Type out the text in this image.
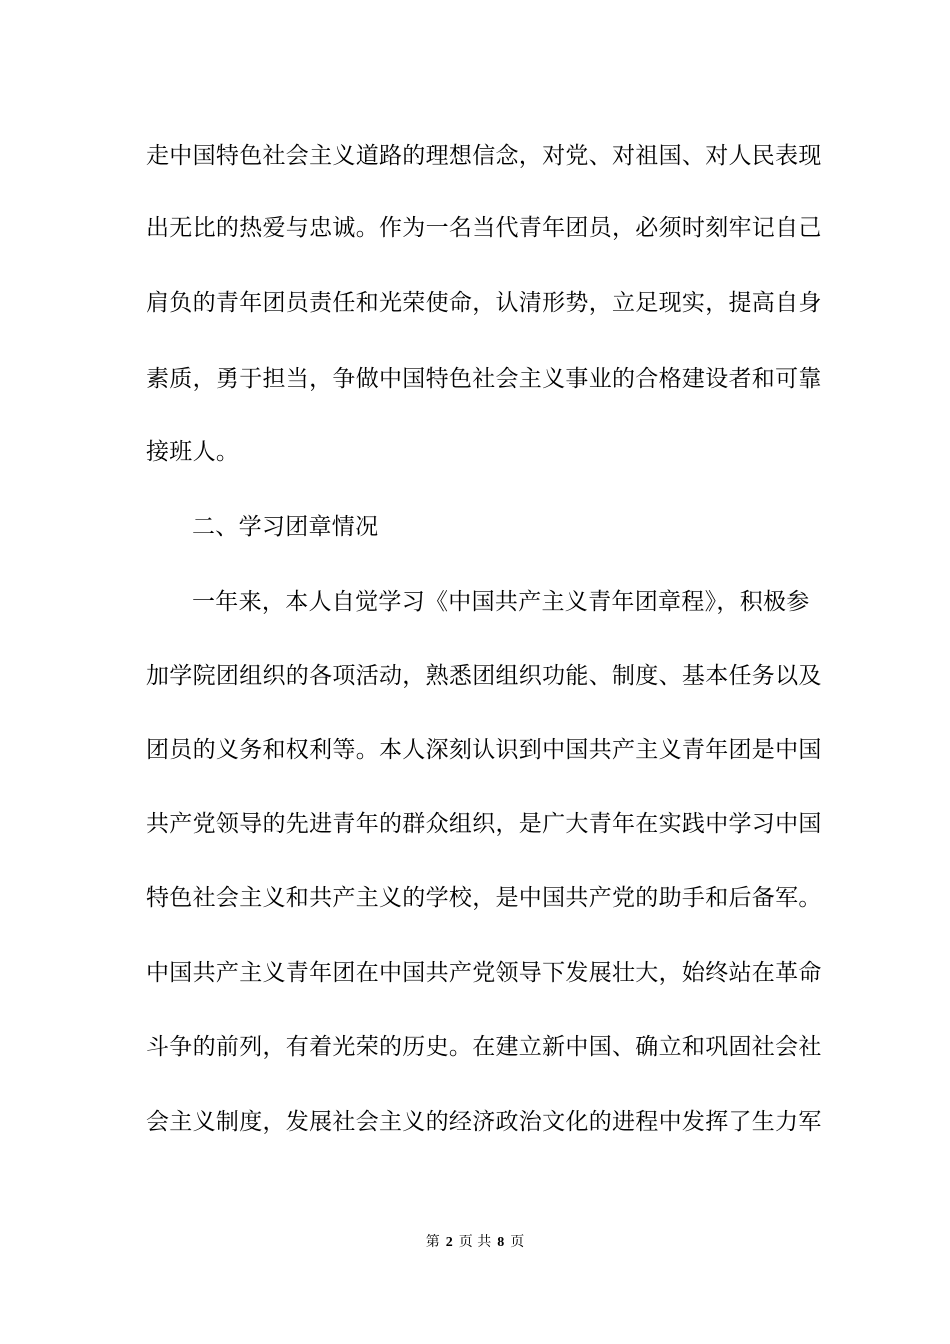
走中国特色社会主义道路的理想信念，对党、对祖国、对人民表现
出无比的热爱与忠诚。作为一名当代青年团员，必须时刻牢记自己
肩负的青年团员责任和光荣使命，认清形势，立足现实，提高自身
素质，勇于担当，争做中国特色社会主义事业的合格建设者和可靠
接班人。
二、学习团章情况
一年来，本人自觉学习《中国共产主义青年团章程》，积极参
加学院团组织的各项活动，熟悉团组织功能、制度、基本任务以及
团员的义务和权利等。本人深刻认识到中国共产主义青年团是中国
共产党领导的先进青年的群众组织，是广大青年在实践中学习中国
特色社会主义和共产主义的学校，是中国共产党的助手和后备军。
中国共产主义青年团在中国共产党领导下发展壮大，始终站在革命
斗争的前列，有着光荣的历史。在建立新中国、确立和巩固社会社
会主义制度，发展社会主义的经济政治文化的进程中发挥了生力军
第 2 页 共 8 页
